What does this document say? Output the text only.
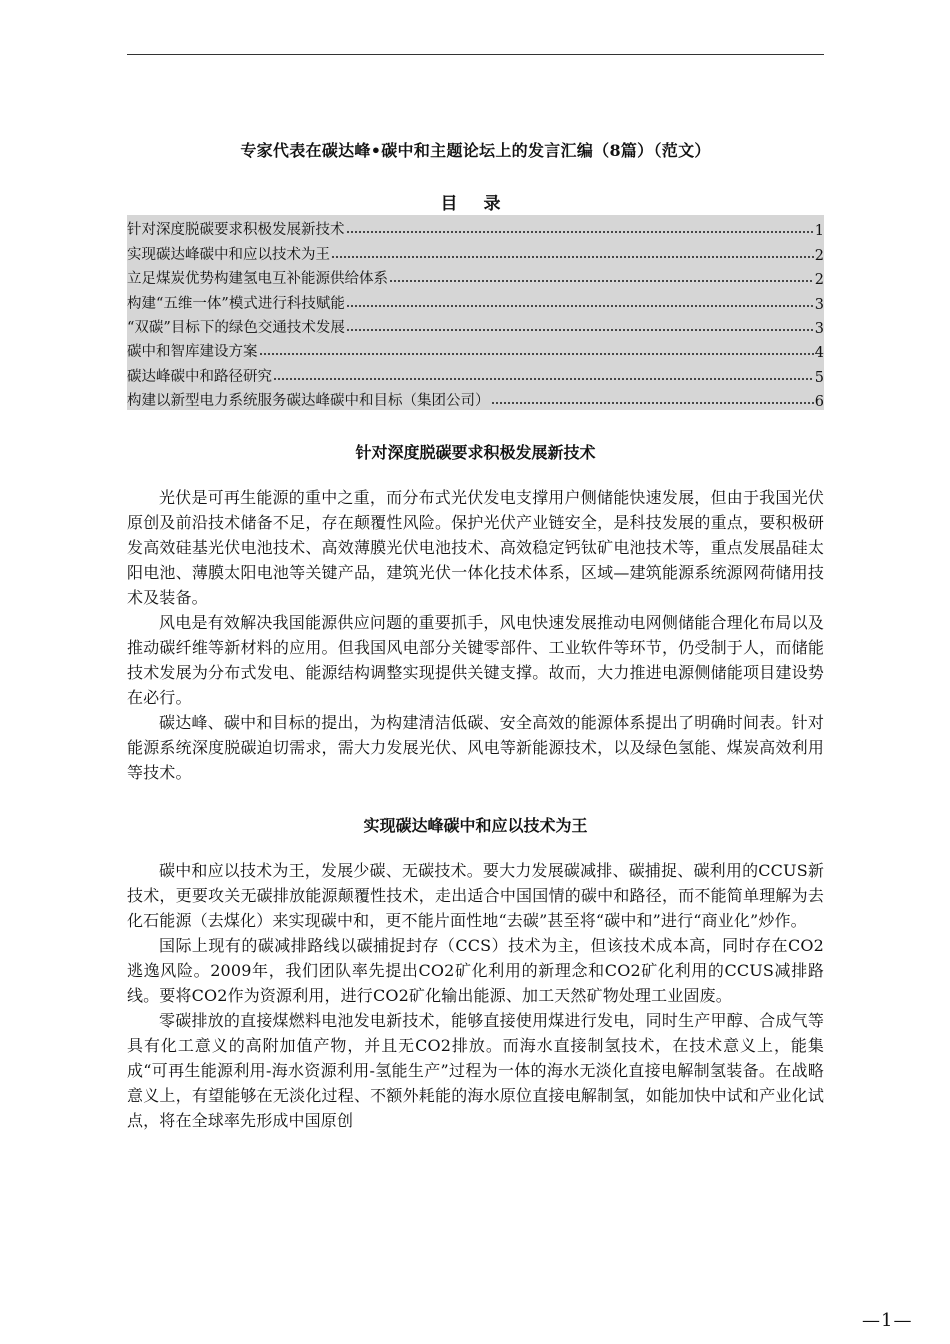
专家代表在碳达峰•碳中和主题论坛上的发言汇编（8篇）（范文）
目 录
针对深度脱碳要求积极发展新技术	1
实现碳达峰碳中和应以技术为王	2
立足煤炭优势构建氢电互补能源供给体系	2
构建“五维一体”模式进行科技赋能	3
“双碳”目标下的绿色交通技术发展	3
碳中和智库建设方案	4
碳达峰碳中和路径研究	5
构建以新型电力系统服务碳达峰碳中和目标（集团公司）	6
针对深度脱碳要求积极发展新技术

光伏是可再生能源的重中之重，而分布式光伏发电支撑用户侧储能快速发展，但由于我国光伏原创及前沿技术储备不足，存在颠覆性风险。保护光伏产业链安全，是科技发展的重点，要积极研发高效硅基光伏电池技术、高效薄膜光伏电池技术、高效稳定钙钛矿电池技术等，重点发展晶硅太阳电池、薄膜太阳电池等关键产品，建筑光伏一体化技术体系，区域—建筑能源系统源网荷储用技术及装备。

风电是有效解决我国能源供应问题的重要抓手，风电快速发展推动电网侧储能合理化布局以及推动碳纤维等新材料的应用。但我国风电部分关键零部件、工业软件等环节，仍受制于人，而储能技术发展为分布式发电、能源结构调整实现提供关键支撑。故而，大力推进电源侧储能项目建设势在必行。

碳达峰、碳中和目标的提出，为构建清洁低碳、安全高效的能源体系提出了明确时间表。针对能源系统深度脱碳迫切需求，需大力发展光伏、风电等新能源技术，以及绿色氢能、煤炭高效利用等技术。

实现碳达峰碳中和应以技术为王

碳中和应以技术为王，发展少碳、无碳技术。要大力发展碳减排、碳捕捉、碳利用的CCUS新技术，更要攻关无碳排放能源颠覆性技术，走出适合中国国情的碳中和路径，而不能简单理解为去化石能源（去煤化）来实现碳中和，更不能片面性地“去碳”甚至将“碳中和”进行“商业化”炒作。

国际上现有的碳减排路线以碳捕捉封存（CCS）技术为主，但该技术成本高，同时存在CO2逃逸风险。2009年，我们团队率先提出CO2矿化利用的新理念和CO2矿化利用的CCUS减排路线。要将CO2作为资源利用，进行CO2矿化输出能源、加工天然矿物处理工业固废。

零碳排放的直接煤燃料电池发电新技术，能够直接使用煤进行发电，同时生产甲醇、合成气等具有化工意义的高附加值产物，并且无CO2排放。而海水直接制氢技术，在技术意义上，能集成“可再生能源利用-海水资源利用-氢能生产”过程为一体的海水无淡化直接电解制氢装备。在战略意义上，有望能够在无淡化过程、不额外耗能的海水原位直接电解制氢，如能加快中试和产业化试点，将在全球率先形成中国原创

—1—
